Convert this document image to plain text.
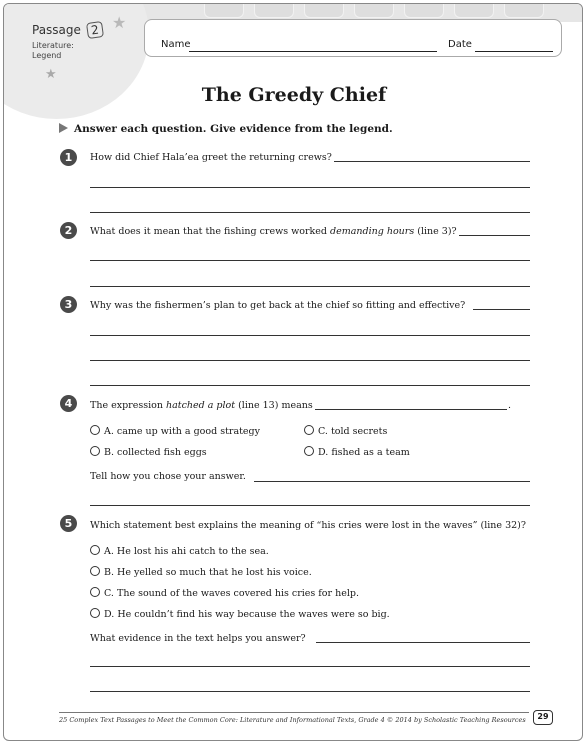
★
★
Passage 2
Literature:
Legend
Name	Date
The Greedy Chief
Answer each question. Give evidence from the legend.
1	How did Chief Hala’ea greet the returning crews?
2	What does it mean that the fishing crews worked demanding hours (line 3)?
3	Why was the fishermen’s plan to get back at the chief so fitting and effective?
4	The expression hatched a plot (line 13) means	.
A. came up with a good strategy
B. collected fish eggs
C. told secrets
D. fished as a team
Tell how you chose your answer.
5	Which statement best explains the meaning of “his cries were lost in the waves” (line 32)?
A. He lost his ahi catch to the sea.
B. He yelled so much that he lost his voice.
C. The sound of the waves covered his cries for help.
D. He couldn’t find his way because the waves were so big.
What evidence in the text helps you answer?
25 Complex Text Passages to Meet the Common Core: Literature and Informational Texts, Grade 4 © 2014 by Scholastic Teaching Resources	29
